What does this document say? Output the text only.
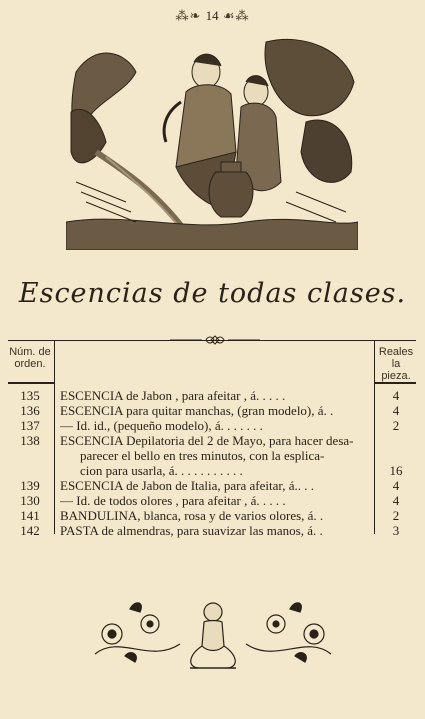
⁂❧ 14 ☙⁂
Escencias de todas clases.
Núm. de orden.
Reales la pieza.
135	ESCENCIA de Jabon , para afeitar , á. . . . .	4
136	ESCENCIA para quitar manchas, (gran modelo), á. .	4
137	— Id. id., (pequeño modelo), á. . . . . . .	2
138	ESCENCIA Depilatoria del 2 de Mayo, para hacer desa-
parecer el bello en tres minutos, con la esplica-
cion para usarla, á. . . . . . . . . . .	16
139	ESCENCIA de Jabon de Italia, para afeitar, á.. . .	4
130	— Id. de todos olores , para afeitar , á. . . . .	4
141	BANDULINA, blanca, rosa y de varios olores, á. .	2
142	PASTA de almendras, para suavizar las manos, á. .	3
